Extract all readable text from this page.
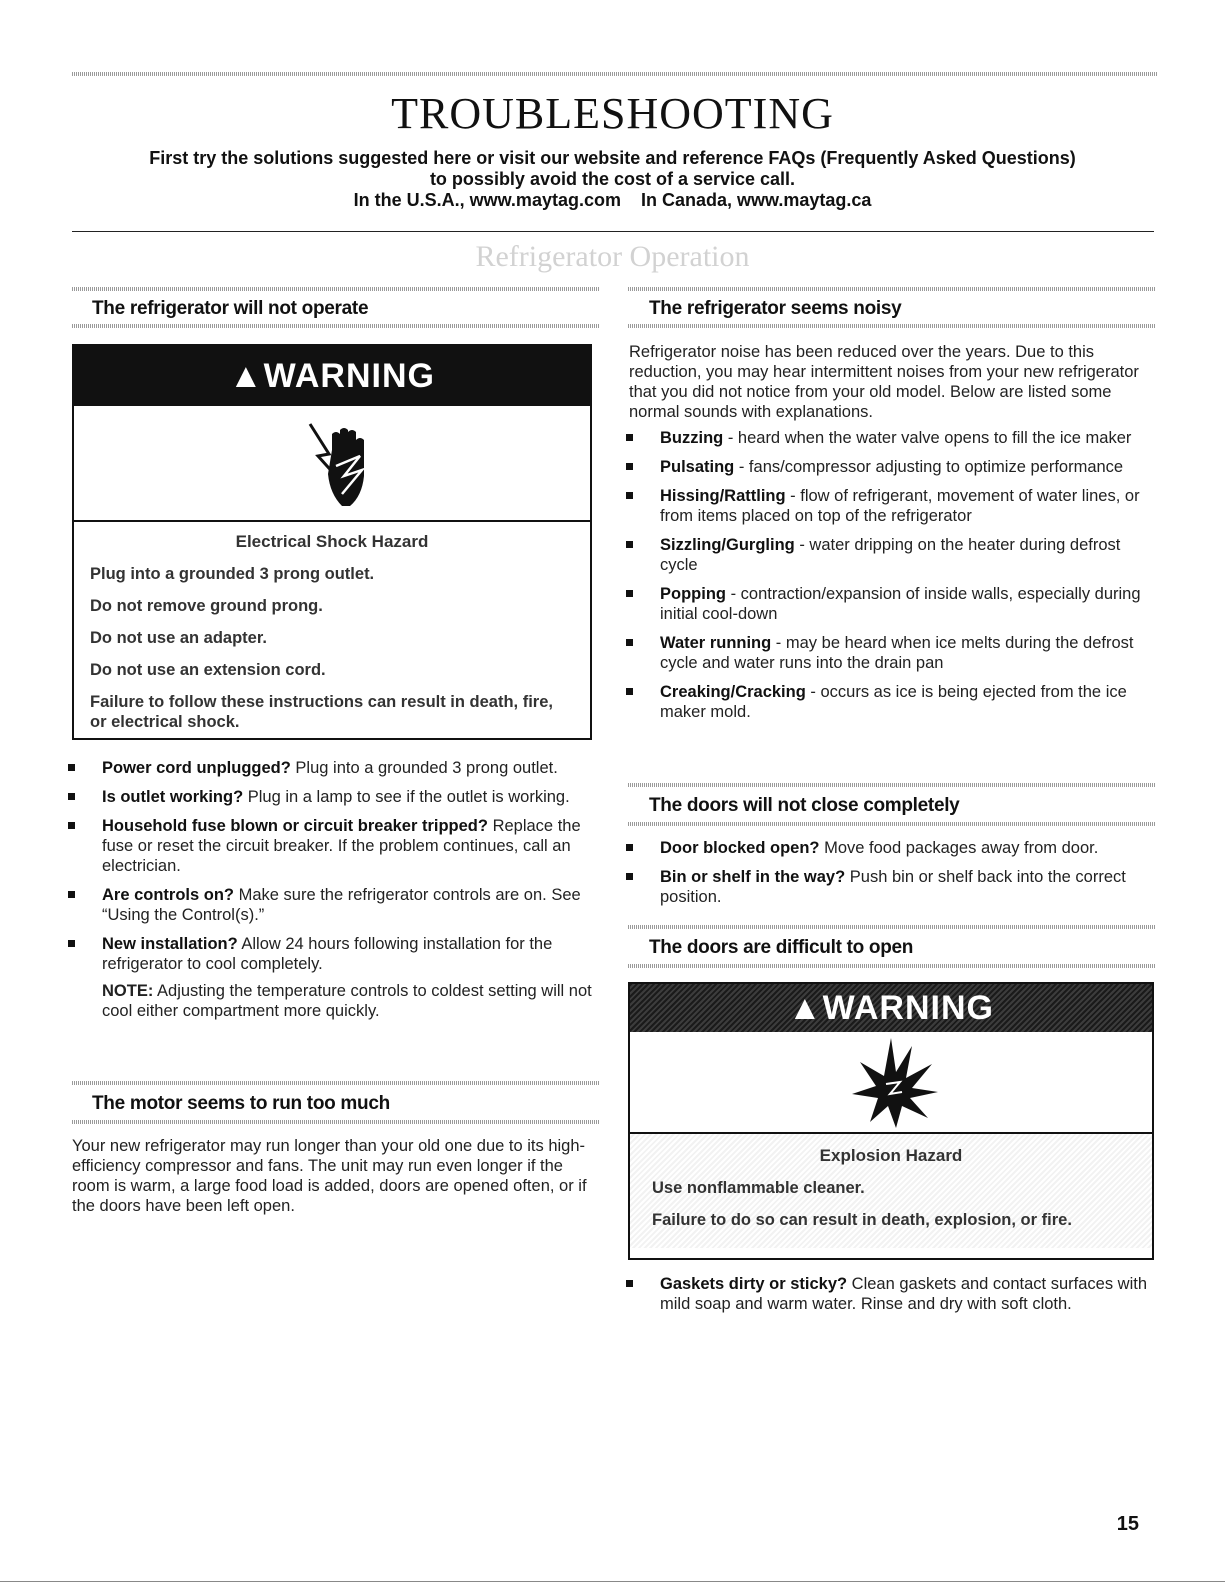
TROUBLESHOOTING
First try the solutions suggested here or visit our website and reference FAQs (Frequently Asked Questions)
to possibly avoid the cost of a service call.
In the U.S.A., www.maytag.com    In Canada, www.maytag.ca
Refrigerator Operation
The refrigerator will not operate
▲WARNING
Electrical Shock Hazard
Plug into a grounded 3 prong outlet.
Do not remove ground prong.
Do not use an adapter.
Do not use an extension cord.
Failure to follow these instructions can result in death, fire, or electrical shock.
Power cord unplugged? Plug into a grounded 3 prong outlet.
Is outlet working? Plug in a lamp to see if the outlet is working.
Household fuse blown or circuit breaker tripped? Replace the fuse or reset the circuit breaker. If the problem continues, call an electrician.
Are controls on? Make sure the refrigerator controls are on. See “Using the Control(s).”
New installation? Allow 24 hours following installation for the refrigerator to cool completely.
NOTE: Adjusting the temperature controls to coldest setting will not cool either compartment more quickly.
The motor seems to run too much
Your new refrigerator may run longer than your old one due to its high-efficiency compressor and fans. The unit may run even longer if the room is warm, a large food load is added, doors are opened often, or if the doors have been left open.
The refrigerator seems noisy
Refrigerator noise has been reduced over the years. Due to this reduction, you may hear intermittent noises from your new refrigerator that you did not notice from your old model. Below are listed some normal sounds with explanations.
Buzzing - heard when the water valve opens to fill the ice maker
Pulsating - fans/compressor adjusting to optimize performance
Hissing/Rattling - flow of refrigerant, movement of water lines, or from items placed on top of the refrigerator
Sizzling/Gurgling - water dripping on the heater during defrost cycle
Popping - contraction/expansion of inside walls, especially during initial cool-down
Water running - may be heard when ice melts during the defrost cycle and water runs into the drain pan
Creaking/Cracking - occurs as ice is being ejected from the ice maker mold.
The doors will not close completely
Door blocked open? Move food packages away from door.
Bin or shelf in the way? Push bin or shelf back into the correct position.
The doors are difficult to open
▲WARNING
Explosion Hazard
Use nonflammable cleaner.
Failure to do so can result in death, explosion, or fire.
Gaskets dirty or sticky? Clean gaskets and contact surfaces with mild soap and warm water. Rinse and dry with soft cloth.
15
